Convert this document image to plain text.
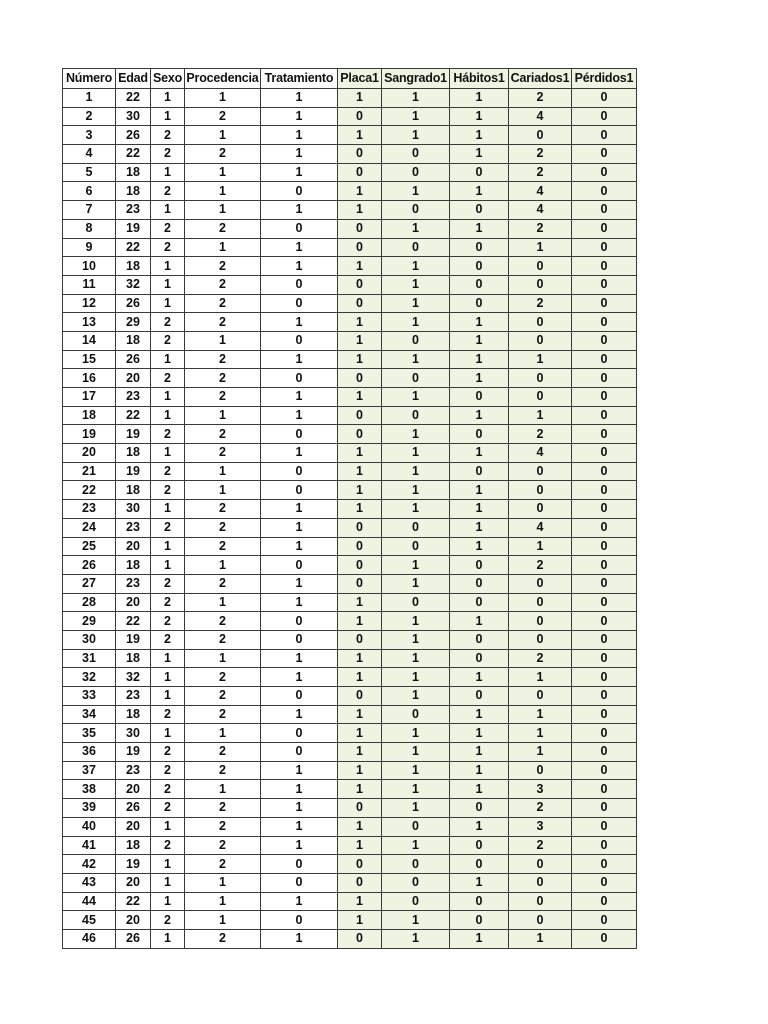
Número	Edad	Sexo	Procedencia	Tratamiento	Placa1	Sangrado1	Hábitos1	Cariados1	Pérdidos1
1	22	1	1	1	1	1	1	2	0
2	30	1	2	1	0	1	1	4	0
3	26	2	1	1	1	1	1	0	0
4	22	2	2	1	0	0	1	2	0
5	18	1	1	1	0	0	0	2	0
6	18	2	1	0	1	1	1	4	0
7	23	1	1	1	1	0	0	4	0
8	19	2	2	0	0	1	1	2	0
9	22	2	1	1	0	0	0	1	0
10	18	1	2	1	1	1	0	0	0
11	32	1	2	0	0	1	0	0	0
12	26	1	2	0	0	1	0	2	0
13	29	2	2	1	1	1	1	0	0
14	18	2	1	0	1	0	1	0	0
15	26	1	2	1	1	1	1	1	0
16	20	2	2	0	0	0	1	0	0
17	23	1	2	1	1	1	0	0	0
18	22	1	1	1	0	0	1	1	0
19	19	2	2	0	0	1	0	2	0
20	18	1	2	1	1	1	1	4	0
21	19	2	1	0	1	1	0	0	0
22	18	2	1	0	1	1	1	0	0
23	30	1	2	1	1	1	1	0	0
24	23	2	2	1	0	0	1	4	0
25	20	1	2	1	0	0	1	1	0
26	18	1	1	0	0	1	0	2	0
27	23	2	2	1	0	1	0	0	0
28	20	2	1	1	1	0	0	0	0
29	22	2	2	0	1	1	1	0	0
30	19	2	2	0	0	1	0	0	0
31	18	1	1	1	1	1	0	2	0
32	32	1	2	1	1	1	1	1	0
33	23	1	2	0	0	1	0	0	0
34	18	2	2	1	1	0	1	1	0
35	30	1	1	0	1	1	1	1	0
36	19	2	2	0	1	1	1	1	0
37	23	2	2	1	1	1	1	0	0
38	20	2	1	1	1	1	1	3	0
39	26	2	2	1	0	1	0	2	0
40	20	1	2	1	1	0	1	3	0
41	18	2	2	1	1	1	0	2	0
42	19	1	2	0	0	0	0	0	0
43	20	1	1	0	0	0	1	0	0
44	22	1	1	1	1	0	0	0	0
45	20	2	1	0	1	1	0	0	0
46	26	1	2	1	0	1	1	1	0
